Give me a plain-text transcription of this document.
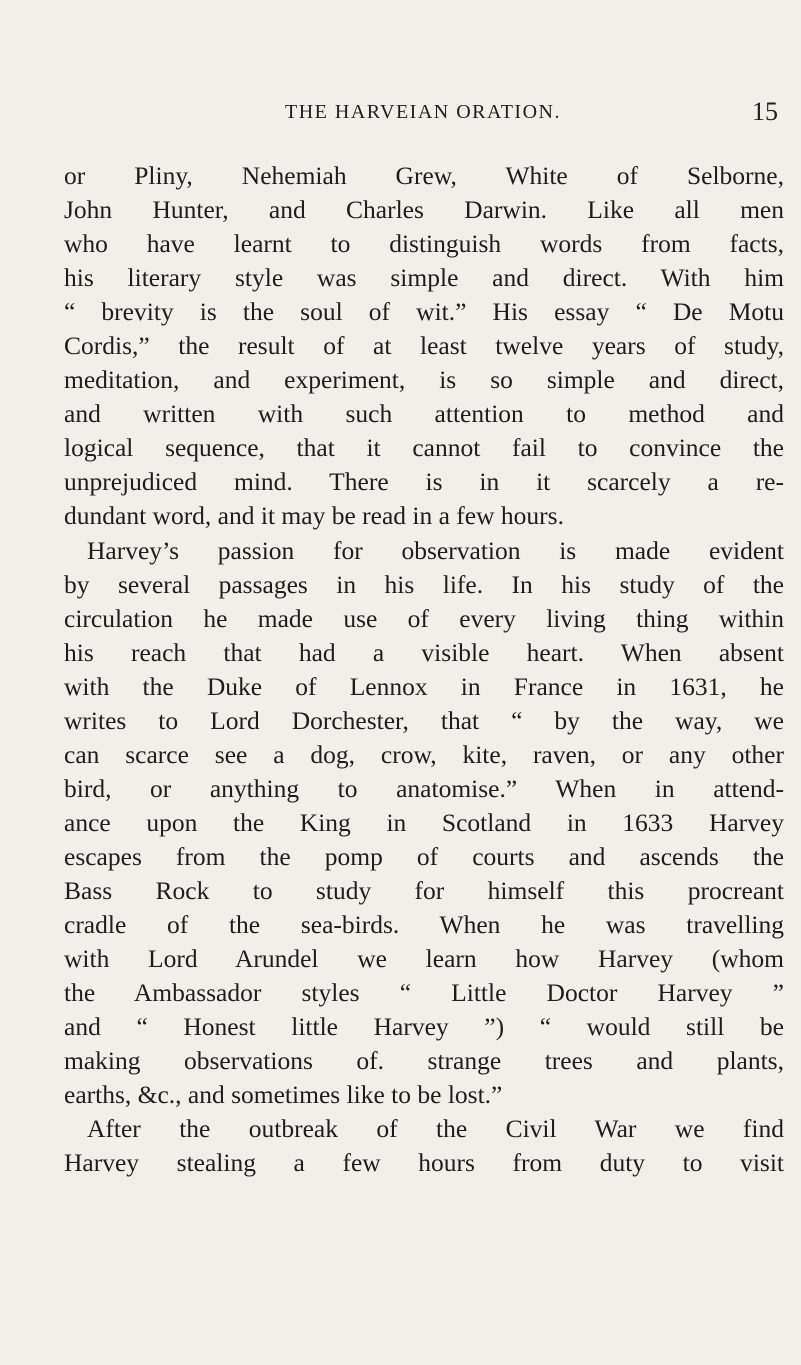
THE HARVEIAN ORATION.	15
or Pliny, Nehemiah Grew, White of Selborne,
John Hunter, and Charles Darwin. Like all men
who have learnt to distinguish words from facts,
his literary style was simple and direct. With him
“ brevity is the soul of wit.” His essay “ De Motu
Cordis,” the result of at least twelve years of study,
meditation, and experiment, is so simple and direct,
and written with such attention to method and
logical sequence, that it cannot fail to convince the
unprejudiced mind. There is in it scarcely a re-
dundant word, and it may be read in a few hours.
Harvey’s passion for observation is made evident
by several passages in his life. In his study of the
circulation he made use of every living thing within
his reach that had a visible heart. When absent
with the Duke of Lennox in France in 1631, he
writes to Lord Dorchester, that “ by the way, we
can scarce see a dog, crow, kite, raven, or any other
bird, or anything to anatomise.” When in attend-
ance upon the King in Scotland in 1633 Harvey
escapes from the pomp of courts and ascends the
Bass Rock to study for himself this procreant
cradle of the sea-birds. When he was travelling
with Lord Arundel we learn how Harvey (whom
the Ambassador styles “ Little Doctor Harvey ”
and “ Honest little Harvey ”) “ would still be
making observations of. strange trees and plants,
earths, &c., and sometimes like to be lost.”
After the outbreak of the Civil War we find
Harvey stealing a few hours from duty to visit
